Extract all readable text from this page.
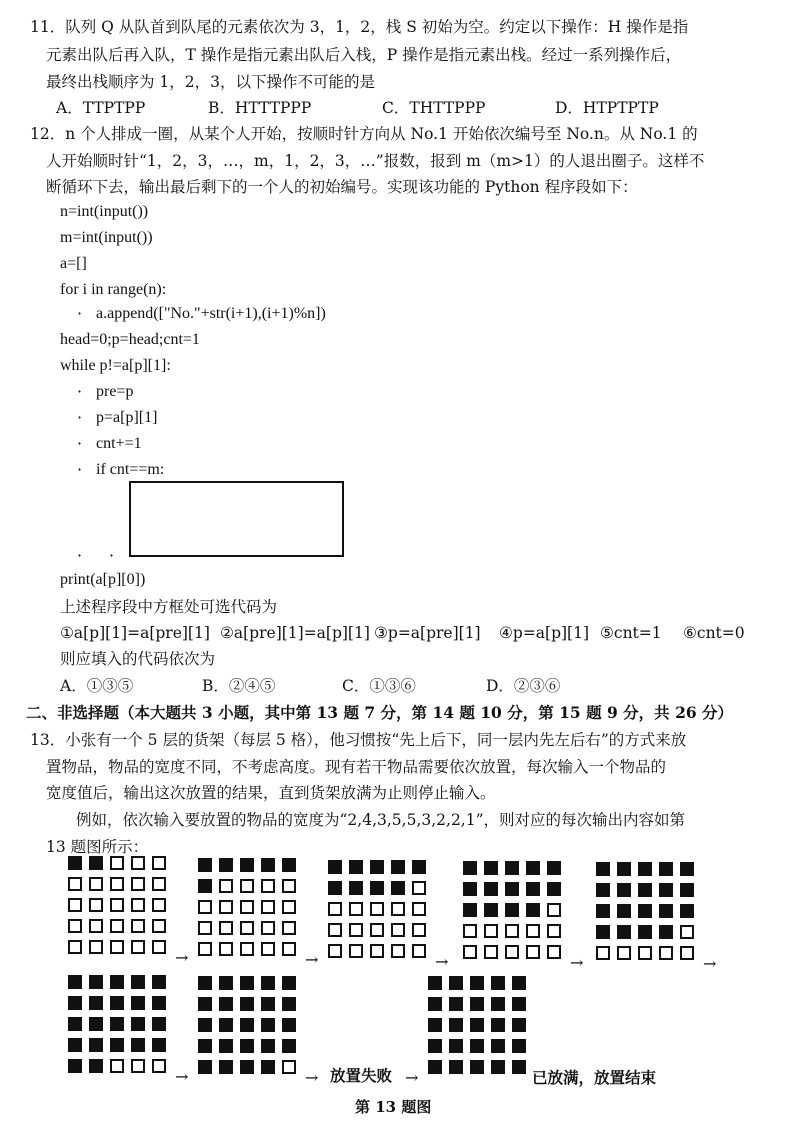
11．队列 Q 从队首到队尾的元素依次为 3，1，2，栈 S 初始为空。约定以下操作：H 操作是指
元素出队后再入队，T 操作是指元素出队后入栈，P 操作是指元素出栈。经过一系列操作后，
最终出栈顺序为 1，2，3，以下操作不可能的是
A．TTPTPP	B．HTTTPPP	C．THTTPPP	D．HTPTPTP
12．n 个人排成一圈，从某个人开始，按顺时针方向从 No.1 开始依次编号至 No.n。从 No.1 的
人开始顺时针“1，2，3，…，m，1，2，3，…”报数，报到 m（m>1）的人退出圈子。这样不
断循环下去，输出最后剩下的一个人的初始编号。实现该功能的 Python 程序段如下：
n=int(input())
m=int(input())
a=[]
for i in range(n):
· a.append(["No."+str(i+1),(i+1)%n])
head=0;p=head;cnt=1
while p!=a[p][1]:
· pre=p
· p=a[p][1]
· cnt+=1
· if cnt==m:
· ·
print(a[p][0])
上述程序段中方框处可选代码为
①a[p][1]=a[pre][1] ②a[pre][1]=a[p][1] ③p=a[pre][1] ④p=a[p][1] ⑤cnt=1 ⑥cnt=0
则应填入的代码依次为
A．①③⑤	B．②④⑤	C．①③⑥	D．②③⑥
二、非选择题（本大题共 3 小题，其中第 13 题 7 分，第 14 题 10 分，第 15 题 9 分，共 26 分）
13．小张有一个 5 层的货架（每层 5 格），他习惯按“先上后下，同一层内先左后右”的方式来放
置物品，物品的宽度不同，不考虑高度。现有若干物品需要依次放置，每次输入一个物品的
宽度值后，输出这次放置的结果，直到货架放满为止则停止输入。
例如，依次输入要放置的物品的宽度为“2,4,3,5,5,3,2,2,1”，则对应的每次输出内容如第
13 题图所示：
→	→	→	→	→
→	→ 放置失败 →	已放满，放置结束
第 13 题图
